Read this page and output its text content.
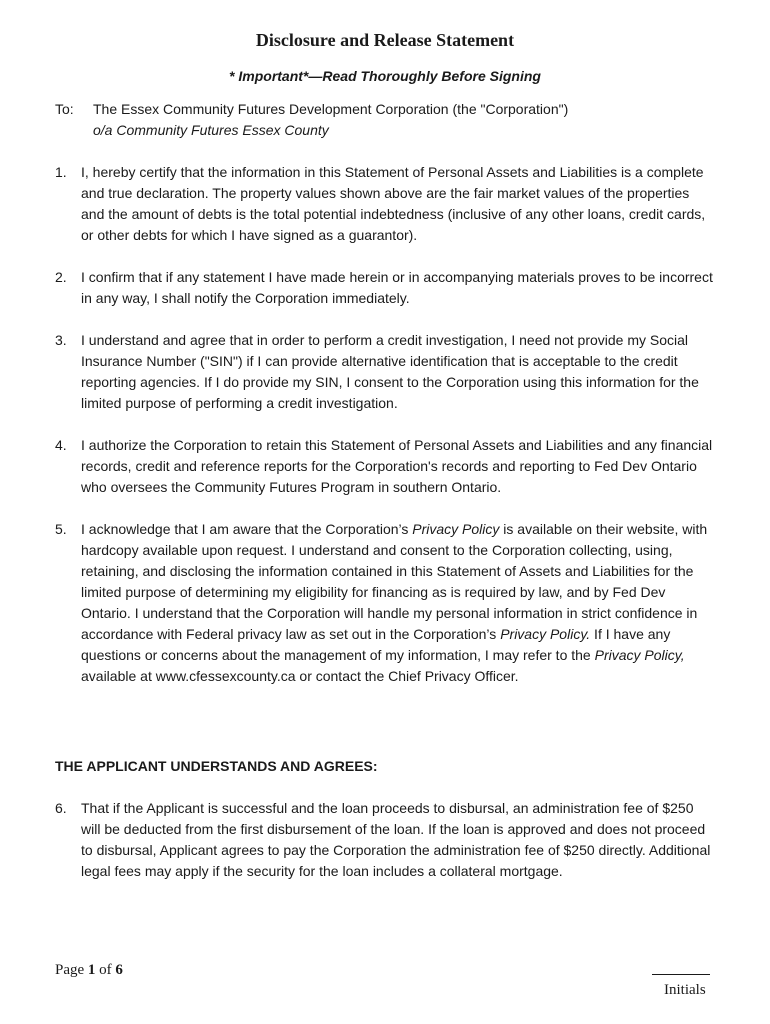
Disclosure and Release Statement
* Important*—Read Thoroughly Before Signing
To: The Essex Community Futures Development Corporation (the "Corporation")
o/a Community Futures Essex County
1. I, hereby certify that the information in this Statement of Personal Assets and Liabilities is a complete and true declaration. The property values shown above are the fair market values of the properties and the amount of debts is the total potential indebtedness (inclusive of any other loans, credit cards, or other debts for which I have signed as a guarantor).
2. I confirm that if any statement I have made herein or in accompanying materials proves to be incorrect in any way, I shall notify the Corporation immediately.
3. I understand and agree that in order to perform a credit investigation, I need not provide my Social Insurance Number ("SIN") if I can provide alternative identification that is acceptable to the credit reporting agencies. If I do provide my SIN, I consent to the Corporation using this information for the limited purpose of performing a credit investigation.
4. I authorize the Corporation to retain this Statement of Personal Assets and Liabilities and any financial records, credit and reference reports for the Corporation's records and reporting to Fed Dev Ontario who oversees the Community Futures Program in southern Ontario.
5. I acknowledge that I am aware that the Corporation’s Privacy Policy is available on their website, with hardcopy available upon request. I understand and consent to the Corporation collecting, using, retaining, and disclosing the information contained in this Statement of Assets and Liabilities for the limited purpose of determining my eligibility for financing as is required by law, and by Fed Dev Ontario. I understand that the Corporation will handle my personal information in strict confidence in accordance with Federal privacy law as set out in the Corporation’s Privacy Policy. If I have any questions or concerns about the management of my information, I may refer to the Privacy Policy, available at www.cfessexcounty.ca or contact the Chief Privacy Officer.
THE APPLICANT UNDERSTANDS AND AGREES:
6. That if the Applicant is successful and the loan proceeds to disbursal, an administration fee of $250 will be deducted from the first disbursement of the loan. If the loan is approved and does not proceed to disbursal, Applicant agrees to pay the Corporation the administration fee of $250 directly. Additional legal fees may apply if the security for the loan includes a collateral mortgage.
Page 1 of 6
Initials
